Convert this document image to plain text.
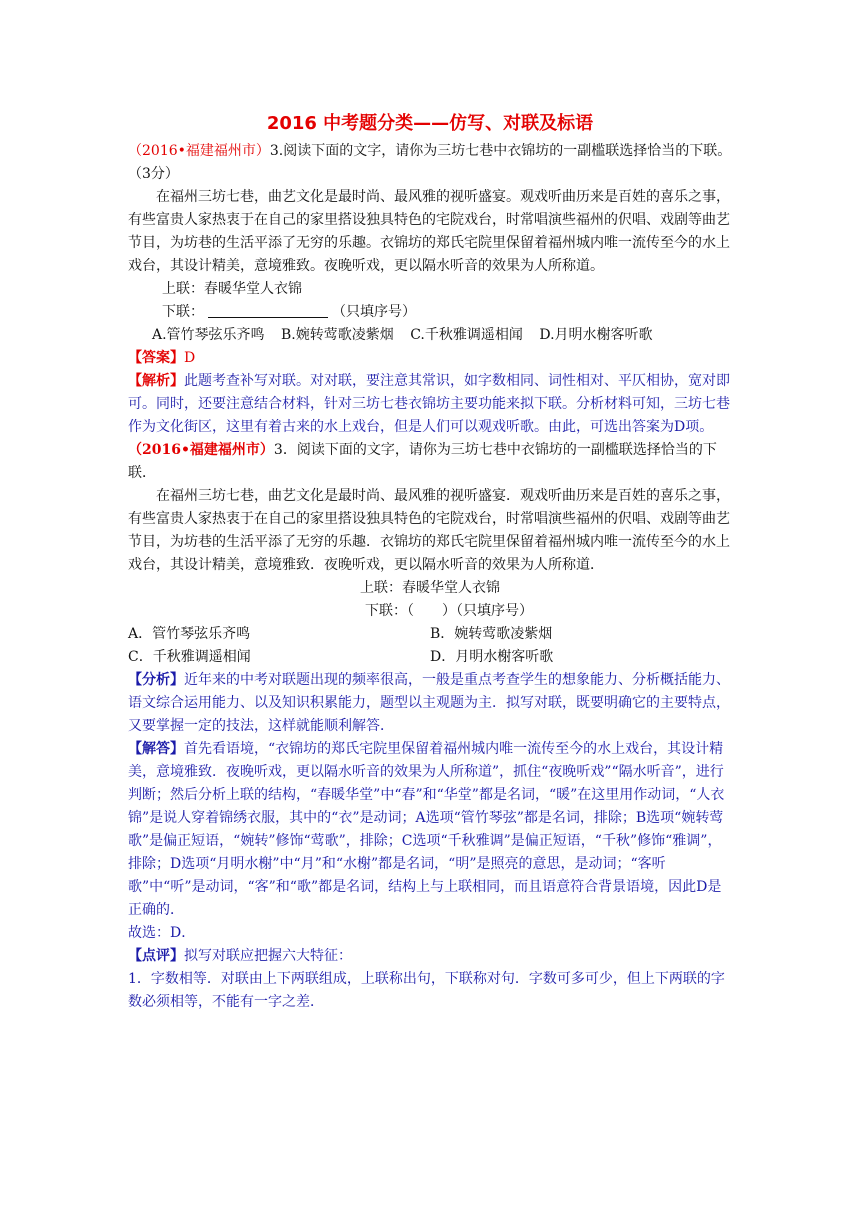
2016 中考题分类——仿写、对联及标语

（2016•福建福州市）3.阅读下面的文字，请你为三坊七巷中衣锦坊的一副槛联选择恰当的下联。（3分）

在福州三坊七巷，曲艺文化是最时尚、最风雅的视听盛宴。观戏听曲历来是百姓的喜乐之事，有些富贵人家热衷于在自己的家里搭设独具特色的宅院戏台，时常唱演些福州的伬唱、戏剧等曲艺节目，为坊巷的生活平添了无穷的乐趣。衣锦坊的郑氏宅院里保留着福州城内唯一流传至今的水上戏台，其设计精美，意境雅致。夜晚听戏，更以隔水听音的效果为人所称道。

上联：春暖华堂人衣锦

下联：	（只填序号）

A.管竹琴弦乐齐鸣 B.婉转莺歌凌紫烟 C.千秋雅调遥相闻 D.月明水榭客听歌

【答案】D

【解析】此题考查补写对联。对对联，要注意其常识，如字数相同、词性相对、平仄相协，宽对即可。同时，还要注意结合材料，针对三坊七巷衣锦坊主要功能来拟下联。分析材料可知，三坊七巷作为文化街区，这里有着古来的水上戏台，但是人们可以观戏听歌。由此，可选出答案为D项。

（2016•福建福州市）3．阅读下面的文字，请你为三坊七巷中衣锦坊的一副槛联选择恰当的下联．

在福州三坊七巷，曲艺文化是最时尚、最风雅的视听盛宴．观戏听曲历来是百姓的喜乐之事，有些富贵人家热衷于在自己的家里搭设独具特色的宅院戏台，时常唱演些福州的伬唱、戏剧等曲艺节目，为坊巷的生活平添了无穷的乐趣．衣锦坊的郑氏宅院里保留着福州城内唯一流传至今的水上戏台，其设计精美，意境雅致．夜晚听戏，更以隔水听音的效果为人所称道．

上联：春暖华堂人衣锦

下联：（　　）（只填序号）

A．管竹琴弦乐齐鸣	B．婉转莺歌凌紫烟
C．千秋雅调遥相闻	D．月明水榭客听歌

【分析】近年来的中考对联题出现的频率很高，一般是重点考查学生的想象能力、分析概括能力、语文综合运用能力、以及知识积累能力，题型以主观题为主．拟写对联，既要明确它的主要特点，又要掌握一定的技法，这样就能顺利解答．

【解答】首先看语境，“衣锦坊的郑氏宅院里保留着福州城内唯一流传至今的水上戏台，其设计精美，意境雅致．夜晚听戏，更以隔水听音的效果为人所称道”，抓住“夜晚听戏”“隔水听音”，进行判断；然后分析上联的结构，“春暖华堂”中“春”和“华堂”都是名词，“暖”在这里用作动词，“人衣锦”是说人穿着锦绣衣服，其中的“衣”是动词；A选项“管竹琴弦”都是名词，排除；B选项“婉转莺歌”是偏正短语，“婉转”修饰“莺歌”，排除；C选项“千秋雅调”是偏正短语，“千秋”修饰“雅调”，排除；D选项“月明水榭”中“月”和“水榭”都是名词，“明”是照亮的意思，是动词；“客听歌”中“听”是动词，“客”和“歌”都是名词，结构上与上联相同，而且语意符合背景语境，因此D是正确的．

故选：D．

【点评】拟写对联应把握六大特征：

1．字数相等．对联由上下两联组成，上联称出句，下联称对句．字数可多可少，但上下两联的字数必须相等，不能有一字之差．
